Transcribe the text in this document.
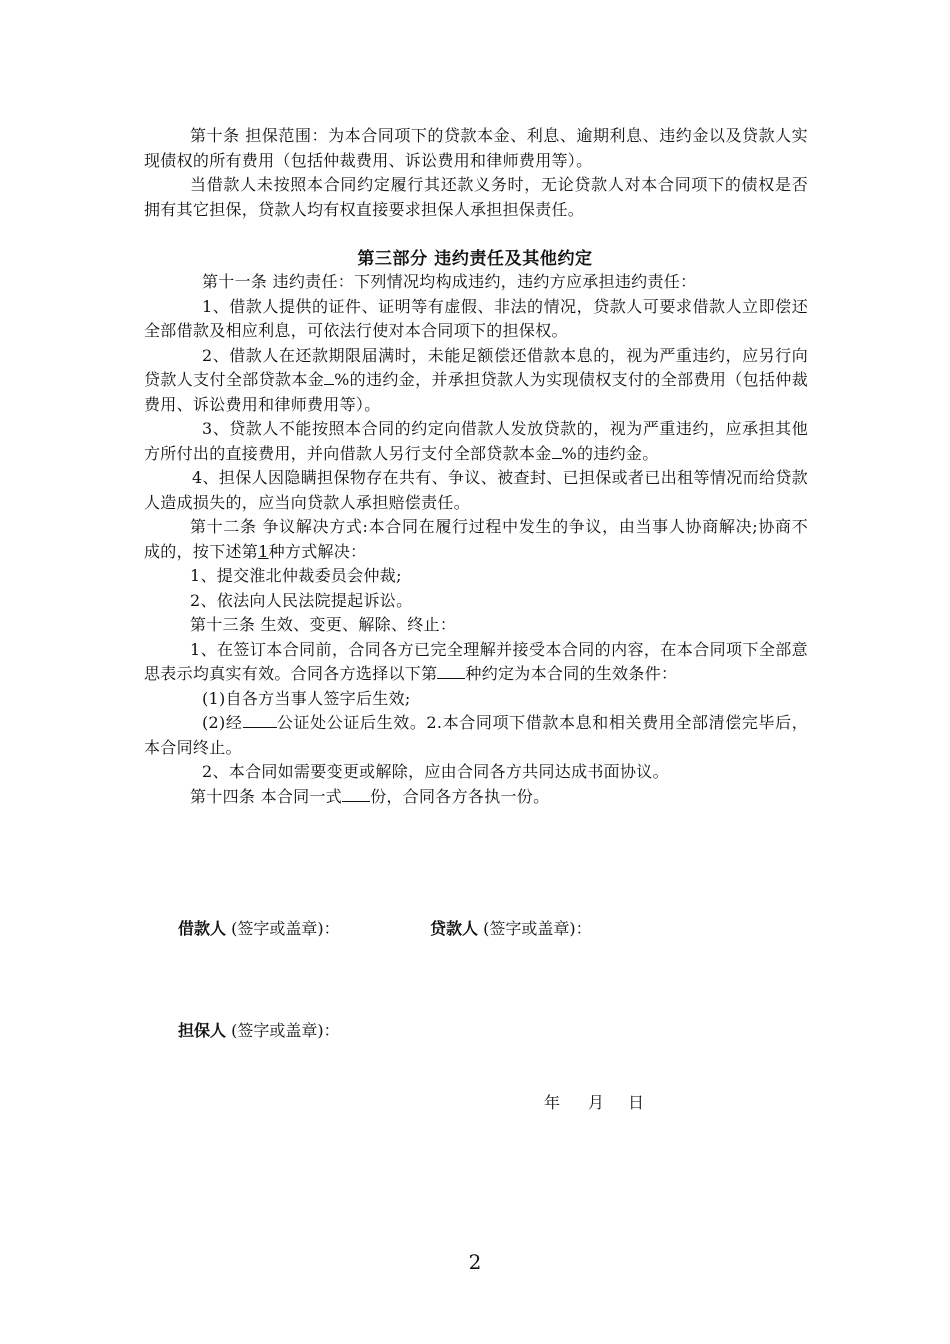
第十条 担保范围：为本合同项下的贷款本金、利息、逾期利息、违约金以及贷款人实现债权的所有费用（包括仲裁费用、诉讼费用和律师费用等）。

当借款人未按照本合同约定履行其还款义务时，无论贷款人对本合同项下的债权是否拥有其它担保，贷款人均有权直接要求担保人承担担保责任。

第三部分 违约责任及其他约定

第十一条 违约责任：下列情况均构成违约，违约方应承担违约责任：

1、借款人提供的证件、证明等有虚假、非法的情况，贷款人可要求借款人立即偿还全部借款及相应利息，可依法行使对本合同项下的担保权。

2、借款人在还款期限届满时，未能足额偿还借款本息的，视为严重违约，应另行向贷款人支付全部贷款本金 %的违约金，并承担贷款人为实现债权支付的全部费用（包括仲裁费用、诉讼费用和律师费用等）。

3、贷款人不能按照本合同的约定向借款人发放贷款的，视为严重违约，应承担其他方所付出的直接费用，并向借款人另行支付全部贷款本金 %的违约金。

4、担保人因隐瞒担保物存在共有、争议、被查封、已担保或者已出租等情况而给贷款人造成损失的，应当向贷款人承担赔偿责任。

第十二条 争议解决方式:本合同在履行过程中发生的争议，由当事人协商解决;协商不成的，按下述第1种方式解决：

1、提交淮北仲裁委员会仲裁;

2、依法向人民法院提起诉讼。

第十三条 生效、变更、解除、终止：

1、在签订本合同前，合同各方已完全理解并接受本合同的内容，在本合同项下全部意思表示均真实有效。合同各方选择以下第 种约定为本合同的生效条件：

(1)自各方当事人签字后生效;

(2)经 公证处公证后生效。2.本合同项下借款本息和相关费用全部清偿完毕后，本合同终止。

2、本合同如需要变更或解除，应由合同各方共同达成书面协议。

第十四条 本合同一式 份，合同各方各执一份。

借款人 (签字或盖章)：	贷款人 (签字或盖章)：
担保人 (签字或盖章)：
年 月 日
2
